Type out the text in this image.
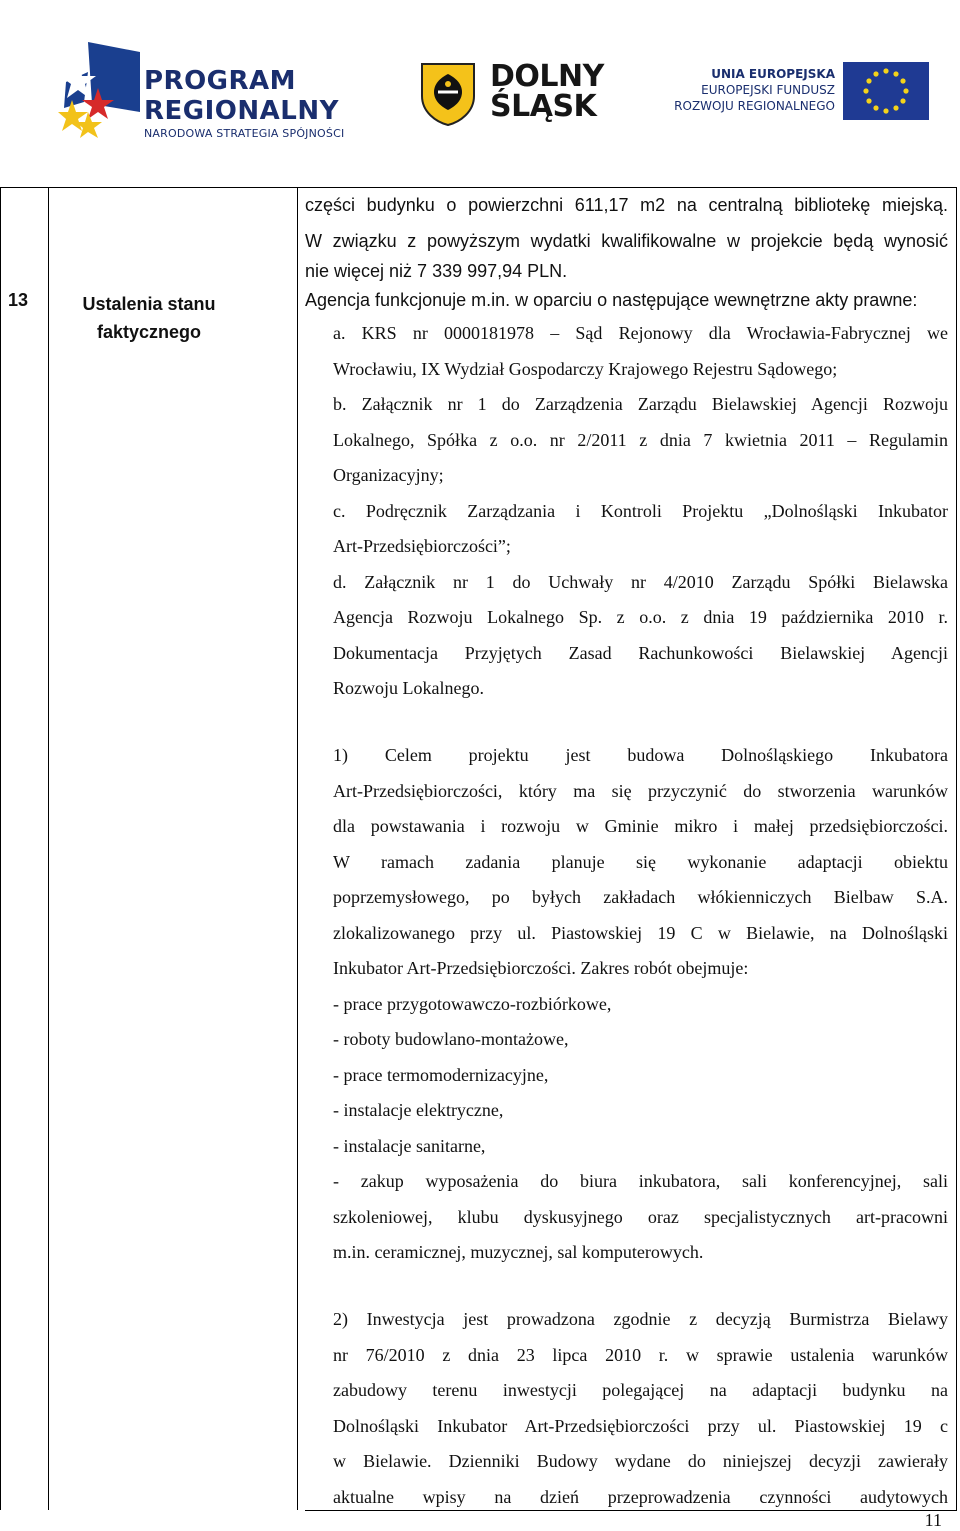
PROGRAM
REGIONALNY
NARODOWA STRATEGIA SPÓJNOŚCI
DOLNY
ŚLĄSK
UNIA EUROPEJSKA
EUROPEJSKI FUNDUSZ
ROZWOJU REGIONALNEGO
13	Ustalenia stanu faktycznego
części budynku o powierzchni 611,17 m2 na centralną bibliotekę miejską.
W związku z powyższym wydatki kwalifikowalne w projekcie będą wynosić
nie więcej niż 7 339 997,94 PLN.
Agencja funkcjonuje m.in. w oparciu o następujące wewnętrzne akty prawne:
a. KRS nr 0000181978 – Sąd Rejonowy dla Wrocławia-Fabrycznej we
Wrocławiu, IX Wydział Gospodarczy Krajowego Rejestru Sądowego;
b. Załącznik nr 1 do Zarządzenia Zarządu Bielawskiej Agencji Rozwoju
Lokalnego, Spółka z o.o. nr 2/2011 z dnia 7 kwietnia 2011 – Regulamin
Organizacyjny;
c. Podręcznik Zarządzania i Kontroli Projektu „Dolnośląski Inkubator
Art-Przedsiębiorczości”;
d. Załącznik nr 1 do Uchwały nr 4/2010 Zarządu Spółki Bielawska
Agencja Rozwoju Lokalnego Sp. z o.o. z dnia 19 października 2010 r.
Dokumentacja Przyjętych Zasad Rachunkowości Bielawskiej Agencji
Rozwoju Lokalnego.
1) Celem projektu jest budowa Dolnośląskiego Inkubatora
Art-Przedsiębiorczości, który ma się przyczynić do stworzenia warunków
dla powstawania i rozwoju w Gminie mikro i małej przedsiębiorczości.
W ramach zadania planuje się wykonanie adaptacji obiektu
poprzemysłowego, po byłych zakładach włókienniczych Bielbaw S.A.
zlokalizowanego przy ul. Piastowskiej 19 C w Bielawie, na Dolnośląski
Inkubator Art-Przedsiębiorczości. Zakres robót obejmuje:
- prace przygotowawczo-rozbiórkowe,
- roboty budowlano-montażowe,
- prace termomodernizacyjne,
- instalacje elektryczne,
- instalacje sanitarne,
- zakup wyposażenia do biura inkubatora, sali konferencyjnej, sali
szkoleniowej, klubu dyskusyjnego oraz specjalistycznych art-pracowni
m.in. ceramicznej, muzycznej, sal komputerowych.
2) Inwestycja jest prowadzona zgodnie z decyzją Burmistrza Bielawy
nr 76/2010 z dnia 23 lipca 2010 r. w sprawie ustalenia warunków
zabudowy terenu inwestycji polegającej na adaptacji budynku na
Dolnośląski Inkubator Art-Przedsiębiorczości przy ul. Piastowskiej 19 c
w Bielawie. Dzienniki Budowy wydane do niniejszej decyzji zawierały
aktualne wpisy na dzień przeprowadzenia czynności audytowych
11
